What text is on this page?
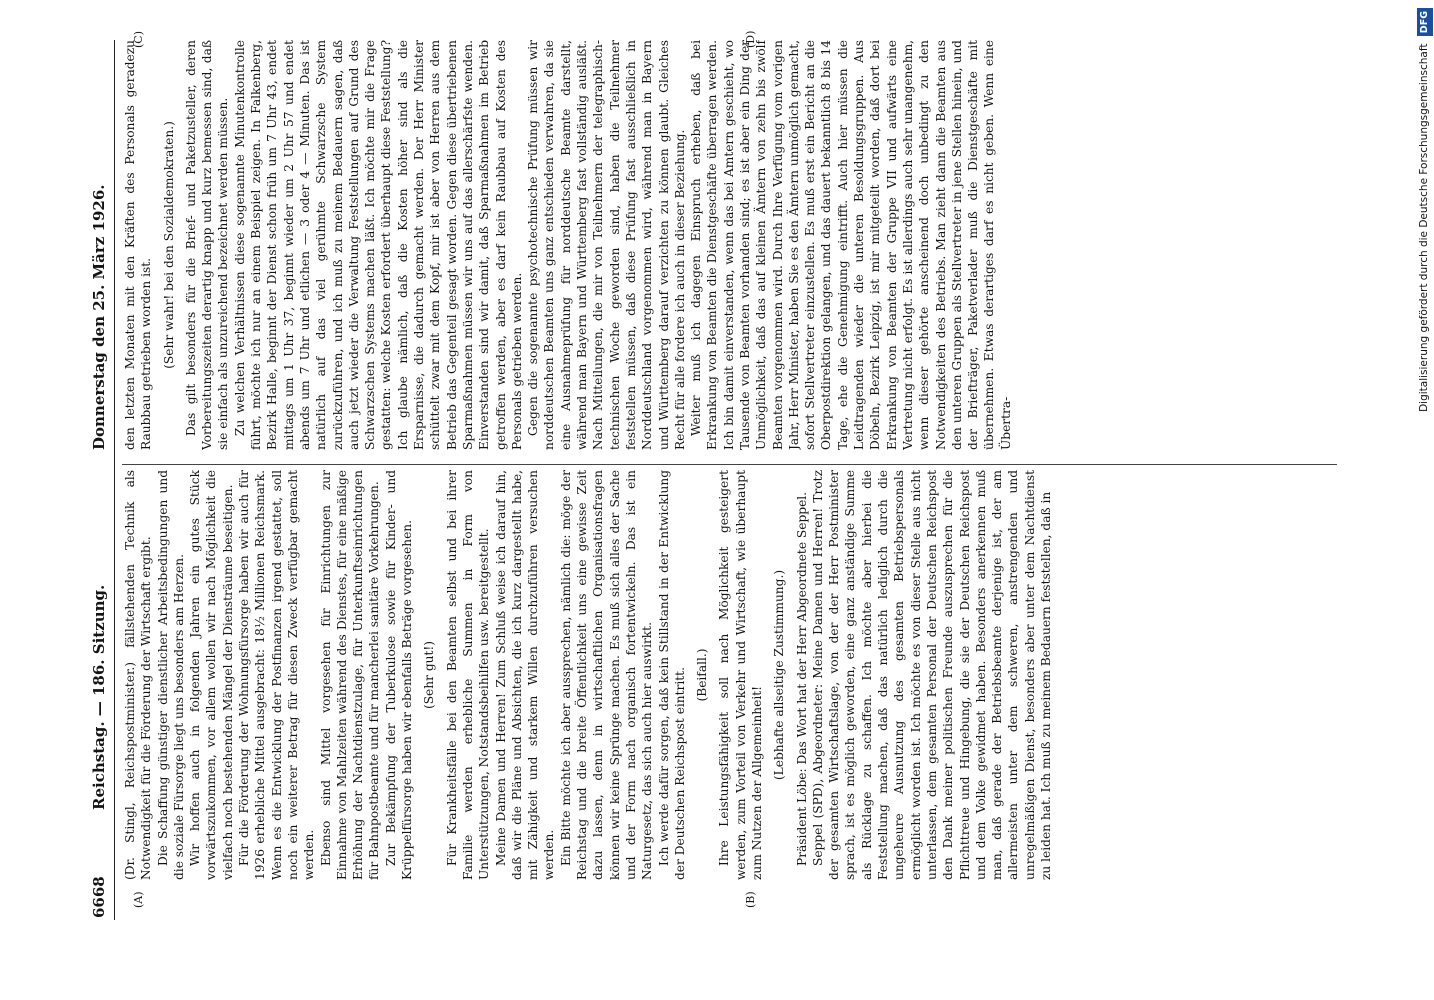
6668
Reichstag. — 186. Sitzung.
Donnerstag den 25. März 1926.
(A)	(B)
(C)	(D)

(Dr. Stingl, Reichspostminister.) fällstehenden Technik als Notwendigkeit für die Förderung der Wirtschaft ergibt. Die Schaffung günstiger dienstlicher Arbeitsbedingungen und die soziale Fürsorge liegt uns besonders am Herzen. Wir hoffen auch in folgenden Jahren ein gutes Stück vorwärtszukommen, vor allem wollen wir nach Möglichkeit die vielfach noch bestehenden Mängel der Diensträume beseitigen. Für die Förderung der Wohnungsfürsorge haben wir auch für 1926 erhebliche Mittel ausgebracht: 18½ Millionen Reichsmark. Wenn es die Entwicklung der Postfinanzen irgend gestattet, soll noch ein weiterer Betrag für diesen Zweck verfügbar gemacht werden. Ebenso sind Mittel vorgesehen für Einrichtungen zur Einnahme von Mahlzeiten während des Dienstes, für eine mäßige Erhöhung der Nachtdienstzulage, für Unterkunftseinrichtungen für Bahnpostbeamte und für mancherlei sanitäre Vorkehrungen. Zur Bekämpfung der Tuberkulose sowie für Kinder- und Krüppelfürsorge haben wir ebenfalls Beträge vorgesehen. (Sehr gut!) Für Krankheitsfälle bei den Beamten selbst und bei ihrer Familie werden erhebliche Summen in Form von Unterstützungen, Notstandsbeihilfen usw. bereitgestellt. Meine Damen und Herren! Zum Schluß weise ich darauf hin, daß wir die Pläne und Absichten, die ich kurz dargestellt habe, mit Zähigkeit und starkem Willen durchzuführen versuchen werden. Ein Bitte möchte ich aber aussprechen, nämlich die: möge der Reichstag und die breite Öffentlichkeit uns eine gewisse Zeit dazu lassen, denn in wirtschaftlichen Organisationsfragen können wir keine Sprünge machen. Es muß sich alles der Sache und der Form nach organisch fortentwickeln. Das ist ein Naturgesetz, das sich auch hier auswirkt. Ich werde dafür sorgen, daß kein Stillstand in der Entwicklung der Deutschen Reichspost eintritt. (Beifall.) Ihre Leistungsfähigkeit soll nach Möglichkeit gesteigert werden, zum Vorteil von Verkehr und Wirtschaft, wie überhaupt zum Nutzen der Allgemeinheit!

(Lebhafte allseitige Zustimmung.) Präsident Löbe: Das Wort hat der Herr Abgeordnete Seppel. Seppel (SPD), Abgeordneter: Meine Damen und Herren! Trotz der gesamten Wirtschaftslage, von der der Herr Postminister sprach, ist es möglich geworden, eine ganz anständige Summe als Rücklage zu schaffen. Ich möchte aber hierbei die Feststellung machen, daß das natürlich lediglich durch die ungeheure Ausnutzung des gesamten Betriebspersonals ermöglicht worden ist. Ich möchte es von dieser Stelle aus nicht unterlassen, dem gesamten Personal der Deutschen Reichspost den Dank meiner politischen Freunde auszusprechen für die Pflichttreue und Hingebung, die sie der Deutschen Reichspost und dem Volke gewidmet haben. Besonders anerkennen muß man, daß gerade der Betriebsbeamte derjenige ist, der am allermeisten unter dem schweren, anstrengenden und unregelmäßigen Dienst, besonders aber unter dem Nachtdienst zu leiden hat. Ich muß zu meinem Bedauern feststellen, daß in

den letzten Monaten mit den Kräften des Personals geradezu Raubbau getrieben worden ist. (Sehr wahr! bei den Sozialdemokraten.) Das gilt besonders für die Brief- und Paketzusteller, deren Vorbereitungszeiten derartig knapp und kurz bemessen sind, daß sie einfach als unzureichend bezeichnet werden müssen. Zu welchen Verhältnissen diese sogenannte Minutenkontrolle führt, möchte ich nur an einem Beispiel zeigen. In Falkenberg, Bezirk Halle, beginnt der Dienst schon früh um 7 Uhr 43, endet mittags um 1 Uhr 37, beginnt wieder um 2 Uhr 57 und endet abends um 7 Uhr und etlichen — 3 oder 4 — Minuten. Das ist natürlich auf das viel gerühmte Schwarzsche System zurückzuführen, und ich muß zu meinem Bedauern sagen, daß auch jetzt wieder die Verwaltung Feststellungen auf Grund des Schwarzschen Systems machen läßt. Ich möchte mir die Frage gestatten: welche Kosten erfordert überhaupt diese Feststellung? Ich glaube nämlich, daß die Kosten höher sind als die Ersparnisse, die dadurch gemacht werden. Der Herr Minister schüttelt zwar mit dem Kopf, mir ist aber von Herren aus dem Betrieb das Gegenteil gesagt worden. Gegen diese übertriebenen Sparmaßnahmen müssen wir uns auf das allerschärfste wenden. Einverstanden sind wir damit, daß Sparmaßnahmen im Betrieb getroffen werden, aber es darf kein Raubbau auf Kosten des Personals getrieben werden. Gegen die sogenannte psychotechnische Prüfung müssen wir norddeutschen Beamten uns ganz entschieden verwahren, da sie eine Ausnahmeprüfung für norddeutsche Beamte darstellt, während man Bayern und Württemberg fast vollständig ausläßt. Nach Mitteilungen, die mir von Teilnehmern der telegraphisch-technischen Woche geworden sind, haben die Teilnehmer feststellen müssen, daß diese Prüfung fast ausschließlich in Norddeutschland vorgenommen wird, während man in Bayern und Württemberg darauf verzichten zu können glaubt. Gleiches Recht für alle fordere ich auch in dieser Beziehung. Weiter muß ich dagegen Einspruch erheben, daß bei Erkrankung von Beamten die Dienstgeschäfte überragen werden. Ich bin damit einverstanden, wenn das bei Amtern geschieht, wo Tausende von Beamten vorhanden sind; es ist aber ein Ding der Unmöglichkeit, daß das auf kleinen Ämtern von zehn bis zwölf Beamten vorgenommen wird. Durch Ihre Verfügung vom vorigen Jahr, Herr Minister, haben Sie es den Ämtern unmöglich gemacht, sofort Stellvertreter einzustellen. Es muß erst ein Bericht an die Oberpostdirektion gelangen, und das dauert bekanntlich 8 bis 14 Tage, ehe die Genehmigung eintrifft. Auch hier müssen die Leidtragenden wieder die unteren Besoldungsgruppen. Aus Döbeln, Bezirk Leipzig, ist mir mitgeteilt worden, daß dort bei Erkrankung von Beamten der Gruppe VII und aufwärts eine Vertretung nicht erfolgt. Es ist allerdings auch sehr unangenehm, wenn dieser gehörte anscheinend doch unbedingt zu den Notwendigkeiten des Betriebs. Man zieht dann die Beamten aus den unteren Gruppen als Stellvertreter in jene Stellen hinein, und der Briefträger, Paketverlader muß die Dienstgeschäfte mit übernehmen. Etwas derartiges darf es nicht geben. Wenn eine Übertra-

Digitalisierung gefördert durch die Deutsche Forschungsgemeinschaft DFG
